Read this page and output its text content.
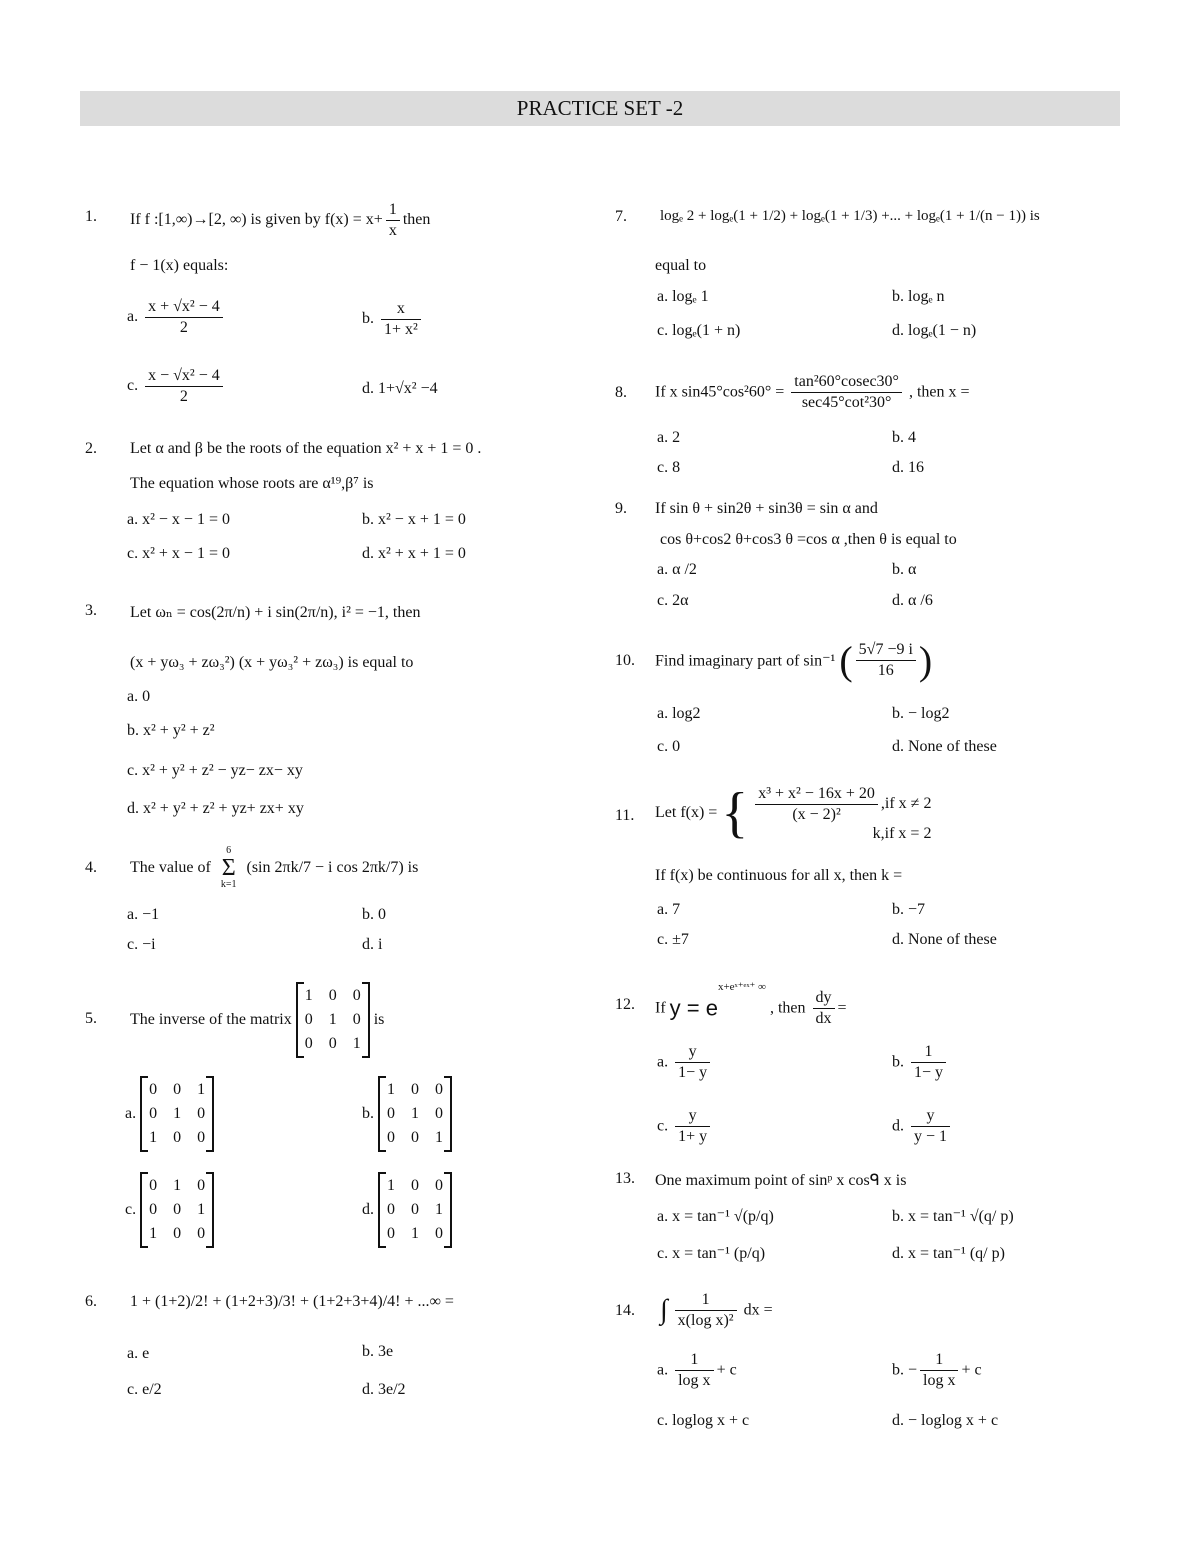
PRACTICE SET -2
1.	If f :[1,∞)→[2, ∞) is given by $f(x) = x+ \frac{1}{x}$ then
f − 1(x) equals:
a. $\frac{\text{x + √x² − 4}}{2}$	b. $\frac{x}{\text{1+ x²}}$
c. $\frac{\text{x − √x² − 4}}{2}$	d. 1+√x² −4
2.	Let α and β be the roots of the equation x² + x + 1 = 0 .
The equation whose roots are α¹⁹,β⁷ is
a. x² − x − 1 = 0	b. x² − x + 1 = 0
c. x² + x − 1 = 0	d. x² + x + 1 = 0
3.	Let ωₙ = cos(2π/n) + i sin(2π/n), i² = −1, then
(x + yω₃ + zω₃²) (x + yω₃² + zω₃) is equal to
a. 0
b. x² + y² + z²
c. x² + y² + z² − yz− zx− xy
d. x² + y² + z² + yz+ zx+ xy
4.	The value of
6
Σ
k=1
(sin 2πk/7 − i cos 2πk/7) is
a. −1	b. 0
c. −i	d. i
5.	The inverse of the matrix
1 0 0
0 1 0
0 0 1
is
a.
0 0 1
0 1 0
1 0 0
b.
1 0 0
0 1 0
0 0 1
c.
0 1 0
0 0 1
1 0 0
d.
1 0 0
0 0 1
0 1 0
6.	1 + (1+2)/2! + (1+2+3)/3! + (1+2+3+4)/4! + ...∞ =
a. e	b. 3e
c. e/2	d. 3e/2
7.	logₑ 2 + logₑ(1 + 1/2) + logₑ(1 + 1/3) +... + logₑ(1 + 1/(n − 1)) is
equal to
a. logₑ 1	b. logₑ n
c. logₑ(1 + n)	d. logₑ(1 − n)
8.	If x $\sin 45^\circ\cos^260^\circ = \frac{\text{tan²60°cosec30°}}{\text{sec45°cot²30°}}$ , then x =
a. 2	b. 4
c. 8	d. 16
9.	If sin θ + sin2θ + sin3θ = sin α and
cos θ+cos2 θ+cos3 θ =cos α ,then θ is equal to
a. α /2	b. α
c. 2α	d. α /6
10.	Find imaginary part of sin⁻¹ ( $\frac{5√7 -9 i}{16}$ )
a. log2	b. − log2
c. 0	d. None of these
11.	Let f(x) = { $\frac{\text{x³ + x² − 16x + 20}}{\text{(x − 2)²}} ,if$ x ≠ 2
k,if x = 2
If f(x) be continuous for all x, then k =
a. 7	b. −7
c. ±7	d. None of these
12.	If $y = e^{x+eˣ^+ᵉˣ^+ \infty}$ , then $\frac{dy}{dx}$ =
a. $\frac{y}{1- y}$	b. $\frac{1}{1- y}$
c. $\frac{y}{1+ y}$	d. $\frac{y}{y - 1}$
13.	One maximum point of sinᵖ x cosᑫ x is
a. x = tan⁻¹ √(p/q)	b. x = tan⁻¹ √(q/ p)
c. x = tan⁻¹ (p/q)	d. x = tan⁻¹ (q/ p)
14. ∫ $\frac{1}{\text{x(log x)²}}$ dx =
a. $\frac{1}{\text{log x}} + c$	b. − $\frac{1}{\text{log x}} + c$
c. loglog x + c	d. − loglog x + c
